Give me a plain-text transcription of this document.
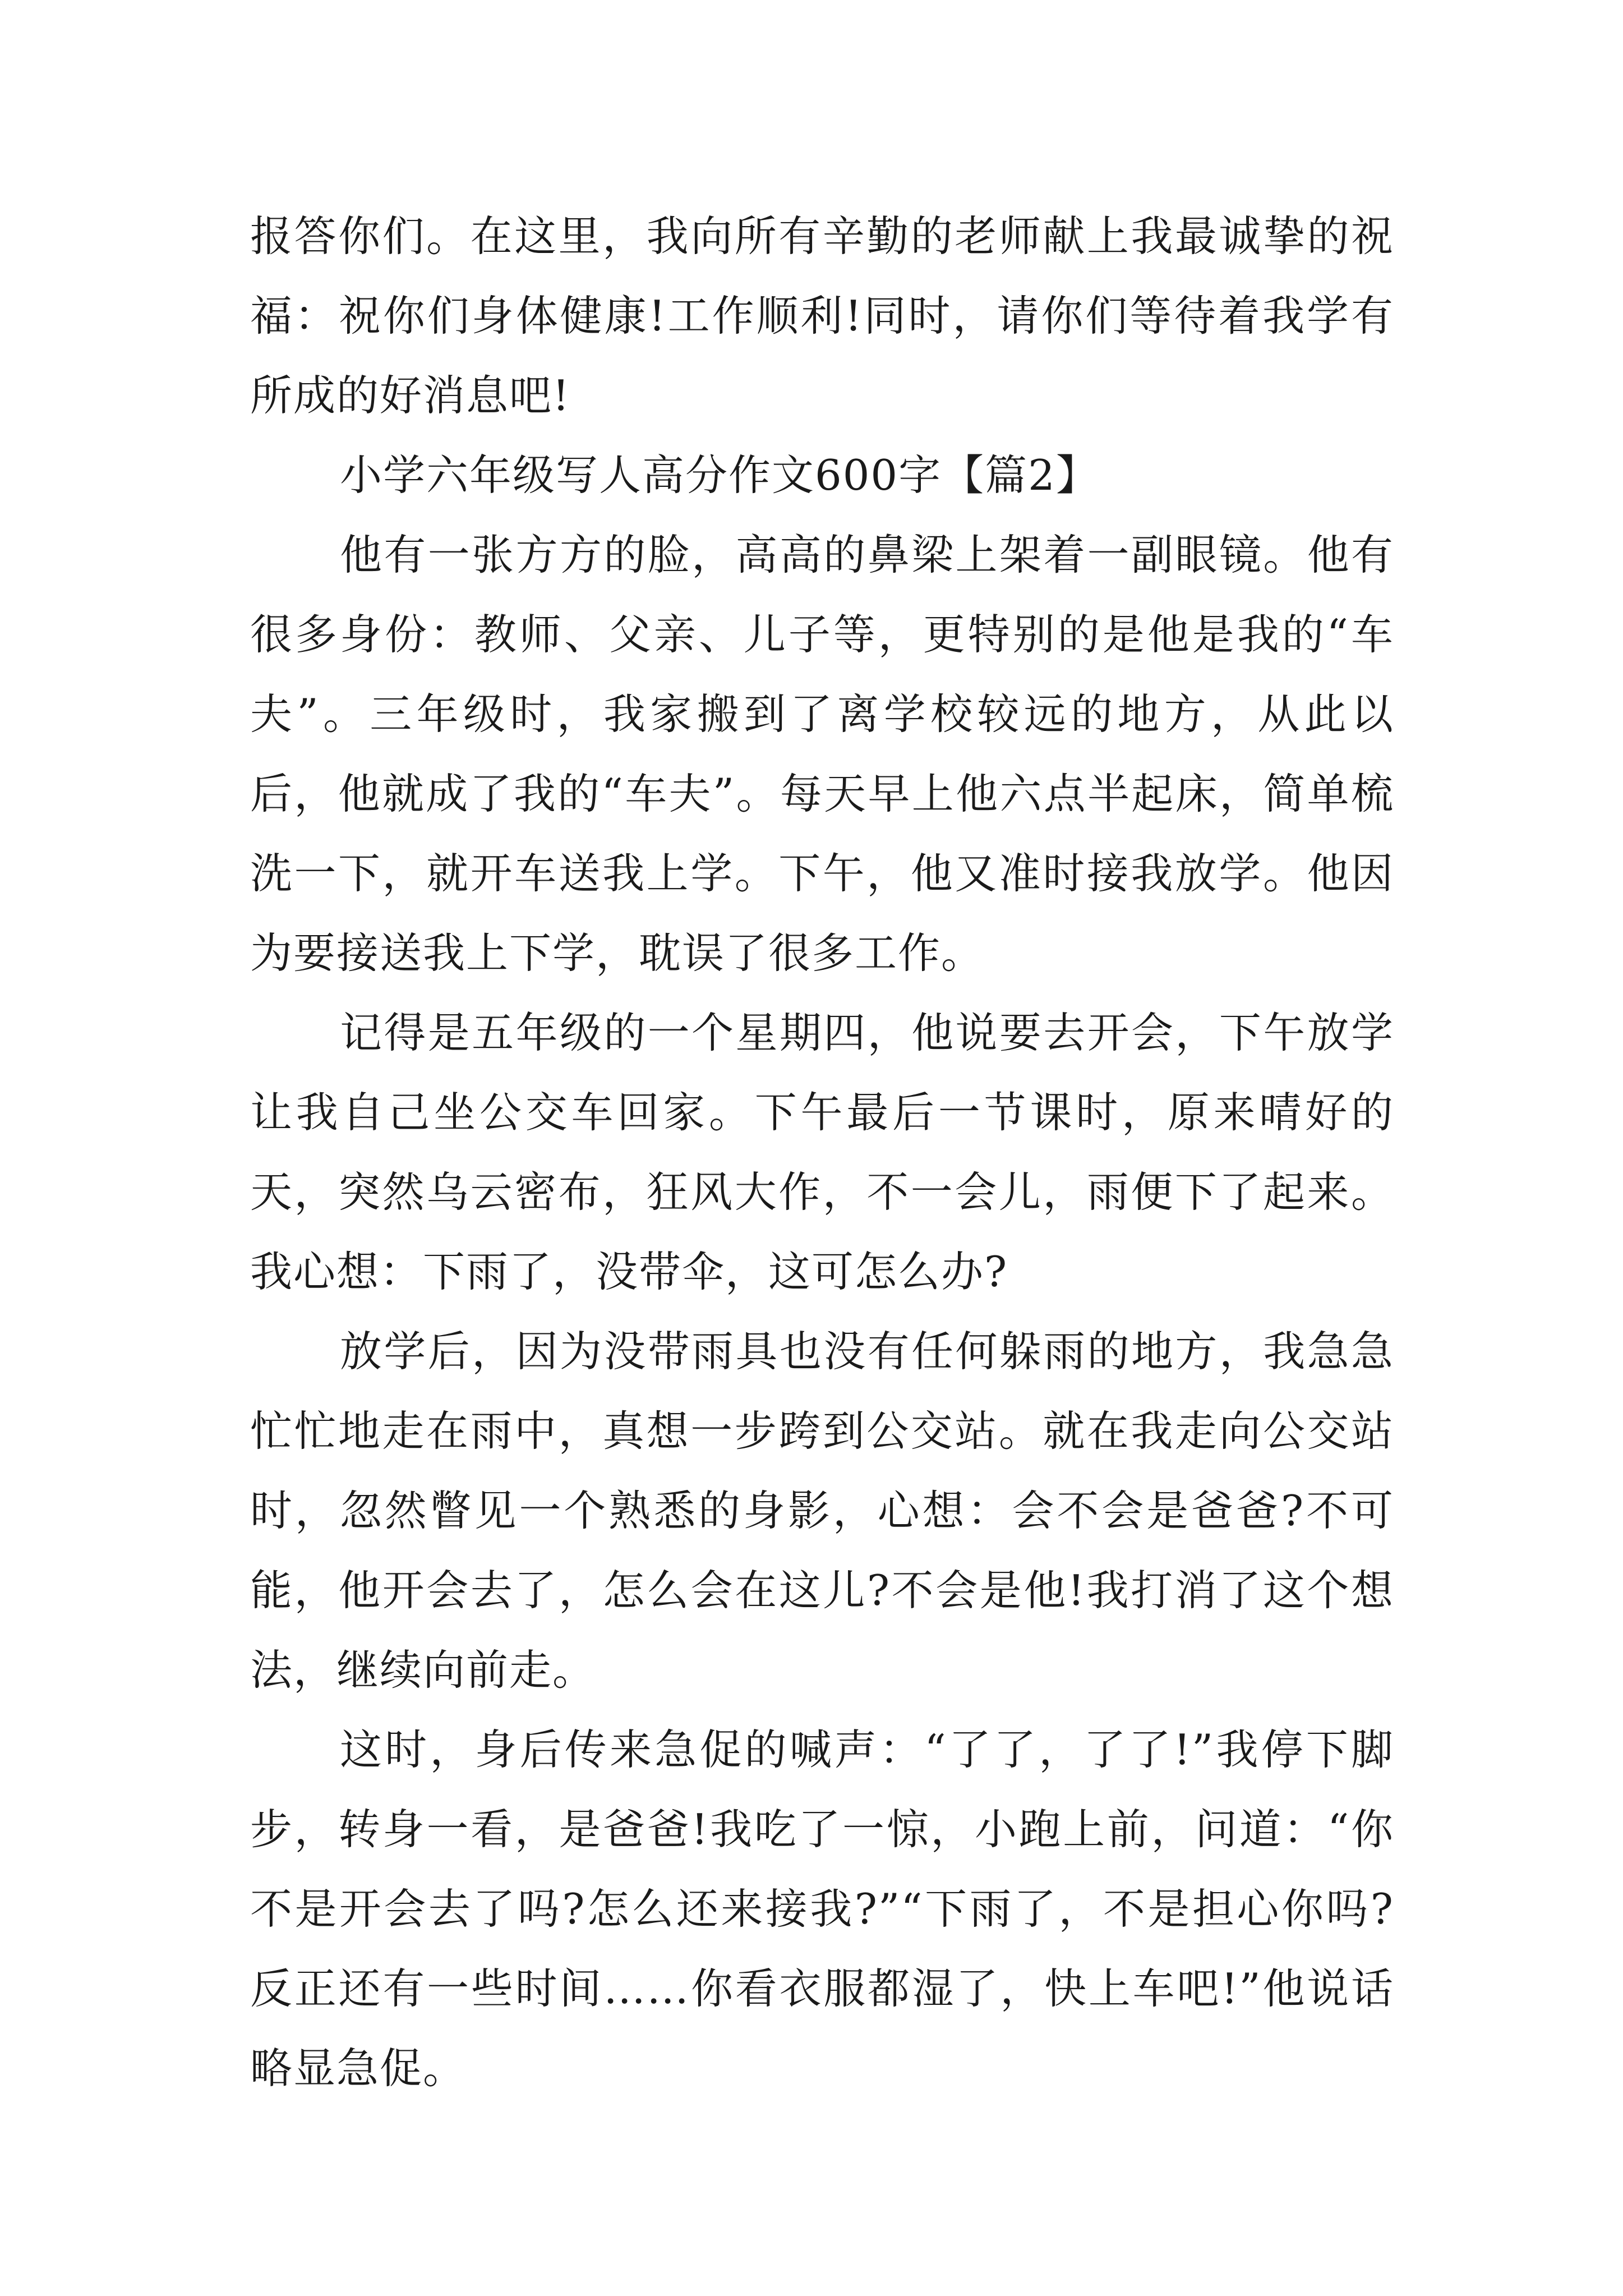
报答你们。在这里，我向所有辛勤的老师献上我最诚挚的祝福：祝你们身体健康!工作顺利!同时，请你们等待着我学有所成的好消息吧!

小学六年级写人高分作文600字【篇2】

他有一张方方的脸，高高的鼻梁上架着一副眼镜。他有很多身份：教师、父亲、儿子等，更特别的是他是我的“车夫”。三年级时，我家搬到了离学校较远的地方，从此以后，他就成了我的“车夫”。每天早上他六点半起床，简单梳洗一下，就开车送我上学。下午，他又准时接我放学。他因为要接送我上下学，耽误了很多工作。

记得是五年级的一个星期四，他说要去开会，下午放学让我自己坐公交车回家。下午最后一节课时，原来晴好的天，突然乌云密布，狂风大作，不一会儿，雨便下了起来。我心想：下雨了，没带伞，这可怎么办?

放学后，因为没带雨具也没有任何躲雨的地方，我急急忙忙地走在雨中，真想一步跨到公交站。就在我走向公交站时，忽然瞥见一个熟悉的身影，心想：会不会是爸爸?不可能，他开会去了，怎么会在这儿?不会是他!我打消了这个想法，继续向前走。

这时，身后传来急促的喊声：“了了，了了!”我停下脚步，转身一看，是爸爸!我吃了一惊，小跑上前，问道：“你不是开会去了吗?怎么还来接我?”“下雨了，不是担心你吗?反正还有一些时间……你看衣服都湿了，快上车吧!”他说话略显急促。
